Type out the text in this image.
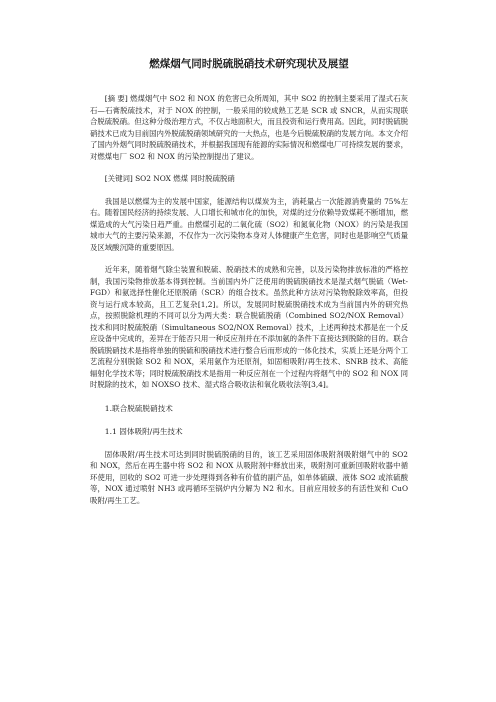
燃煤烟气同时脱硫脱硝技术研究现状及展望

[摘 要] 燃煤烟气中 SO2 和 NOX 的危害已众所周知，其中 SO2 的控制主要采用了湿式石灰石—石膏脱硫技术，对于 NOX 的控制，一般采用的较成熟工艺是 SCR 或 SNCR，从而实现联合脱硫脱硝。但这种分级治理方式，不仅占地面积大，而且投资和运行费用高。因此，同时脱硫脱硝技术已成为目前国内外脱硫脱硝领域研究的一大热点，也是今后脱硫脱硝的发展方向。本文介绍了国内外烟气同时脱硫脱硝技术，并根据我国现有能源的实际情况和燃煤电厂可持续发展的要求，对燃煤电厂 SO2 和 NOX 的污染控制提出了建议。

[关键词] SO2 NOX 燃煤 同时脱硫脱硝

我国是以燃煤为主的发展中国家，能源结构以煤炭为主，消耗量占一次能源消费量的 75%左右。随着国民经济的持续发展、人口增长和城市化的加快，对煤的过分依赖导致煤耗不断增加，燃煤造成的大气污染日趋严重。由燃煤引起的二氧化硫（SO2）和氮氧化物（NOX）的污染是我国城市大气的主要污染来源，不仅作为一次污染物本身对人体健康产生危害，同时也是影响空气质量及区域酸沉降的重要原因。

近年来，随着烟气除尘装置和脱硫、脱硝技术的成熟和完善，以及污染物排放标准的严格控制，我国污染物排放基本得到控制。当前国内外广泛使用的脱硫脱硝技术是湿式烟气脱硫（Wet-FGD）和氨选择性催化还原脱硝（SCR）的组合技术。虽然此种方法对污染物脱除效率高，但投资与运行成本较高，且工艺复杂[1,2]。所以，发展同时脱硫脱硝技术成为当前国内外的研究热点，按照脱除机理的不同可以分为两大类：联合脱硫脱硝（Combined SO2/NOX Removal）技术和同时脱硫脱硝（Simultaneous SO2/NOX Removal）技术，上述两种技术都是在一个反应设备中完成的，差异在于能否只用一种反应剂并在不添加氨的条件下直接达到脱除的目的。联合脱硫脱硝技术是指将单独的脱硫和脱硝技术进行整合后而形成的一体化技术，实质上还是分两个工艺流程分别脱除 SO2 和 NOX，采用氨作为还原剂，如固相吸附/再生技术、SNRB 技术、高能辐射化学技术等；同时脱硫脱硝技术是指用一种反应剂在一个过程内将烟气中的 SO2 和 NOX 同时脱除的技术，如 NOXSO 技术、湿式络合吸收法和氧化吸收法等[3,4]。

1.联合脱硫脱硝技术

1.1 固体吸附/再生技术

固体吸附/再生技术可达到同时脱硫脱硝的目的，该工艺采用固体吸附剂吸附烟气中的 SO2 和 NOX，然后在再生器中将 SO2 和 NOX 从吸附剂中释放出来，吸附剂可重新回吸附收器中循环使用，回收的 SO2 可进一步处理得到各种有价值的副产品，如单体硫磺、液体 SO2 或浓硫酸等，NOX 通过喷射 NH3 或再循环至锅炉内分解为 N2 和水。目前应用较多的有活性炭和 CuO 吸附/再生工艺。
